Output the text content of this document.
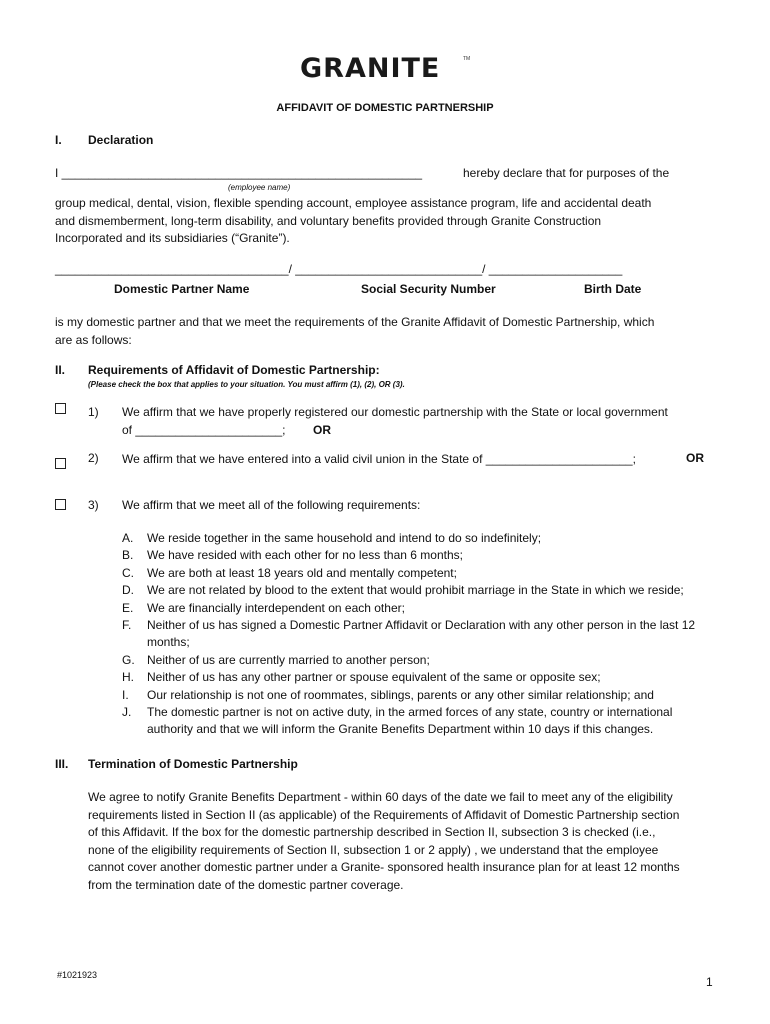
GRANITE	TM
AFFIDAVIT OF DOMESTIC PARTNERSHIP
I. Declaration
I ______________________________________________________	hereby declare that for purposes of the
(employee name)
group medical, dental, vision, flexible spending account, employee assistance program, life and accidental death
and dismemberment, long-term disability, and voluntary benefits provided through Granite Construction
Incorporated and its subsidiaries (“Granite”).
___________________________________/ ____________________________/ ____________________
Domestic Partner Name	Social Security Number	Birth Date
is my domestic partner and that we meet the requirements of the Granite Affidavit of Domestic Partnership, which
are as follows:
II. Requirements of Affidavit of Domestic Partnership:
(Please check the box that applies to your situation. You must affirm (1), (2), OR (3).
1) We affirm that we have properly registered our domestic partnership with the State or local government
of ______________________; OR
2) We affirm that we have entered into a valid civil union in the State of ______________________;	OR
3) We affirm that we meet all of the following requirements:
A. We reside together in the same household and intend to do so indefinitely;
B. We have resided with each other for no less than 6 months;
C. We are both at least 18 years old and mentally competent;
D. We are not related by blood to the extent that would prohibit marriage in the State in which we reside;
E. We are financially interdependent on each other;
F. Neither of us has signed a Domestic Partner Affidavit or Declaration with any other person in the last 12
months;
G. Neither of us are currently married to another person;
H. Neither of us has any other partner or spouse equivalent of the same or opposite sex;
I. Our relationship is not one of roommates, siblings, parents or any other similar relationship; and
J. The domestic partner is not on active duty, in the armed forces of any state, country or international
authority and that we will inform the Granite Benefits Department within 10 days if this changes.
III. Termination of Domestic Partnership
We agree to notify Granite Benefits Department - within 60 days of the date we fail to meet any of the eligibility
requirements listed in Section II (as applicable) of the Requirements of Affidavit of Domestic Partnership section
of this Affidavit. If the box for the domestic partnership described in Section II, subsection 3 is checked (i.e.,
none of the eligibility requirements of Section II, subsection 1 or 2 apply) , we understand that the employee
cannot cover another domestic partner under a Granite- sponsored health insurance plan for at least 12 months
from the termination date of the domestic partner coverage.
#1021923	1
